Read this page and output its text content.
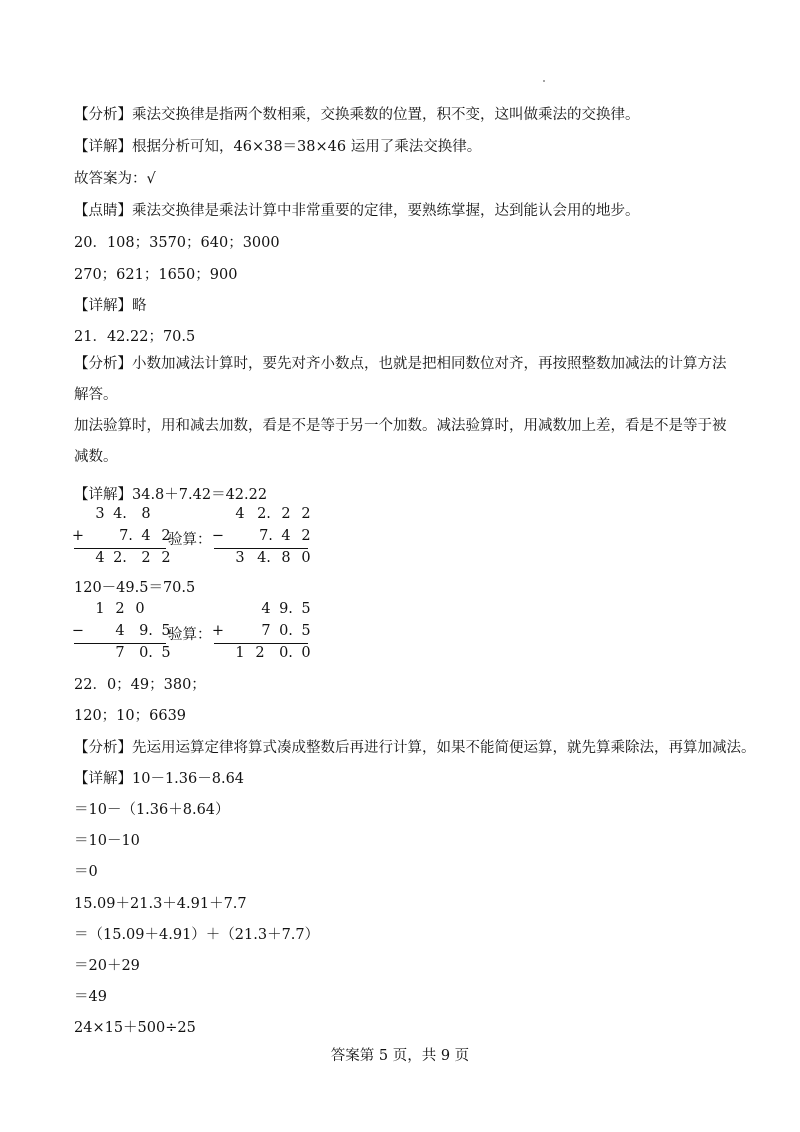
【分析】乘法交换律是指两个数相乘，交换乘数的位置，积不变，这叫做乘法的交换律。
【详解】根据分析可知，46×38＝38×46 运用了乘法交换律。
故答案为：√
【点睛】乘法交换律是乘法计算中非常重要的定律，要熟练掌握，达到能认会用的地步。
20．108；3570；640；3000
270；621；1650；900
【详解】略
21．42.22；70.5
【分析】小数加减法计算时，要先对齐小数点，也就是把相同数位对齐，再按照整数加减法的计算方法解答。
加法验算时，用和减去加数，看是不是等于另一个加数。减法验算时，用减数加上差，看是不是等于被减数。
【详解】34.8＋7.42＝42.22
3 4. 8
+ 7. 4 2
4 2. 2 2
验算：
4 2. 2 2
− 7. 4 2
3 4. 8 0
120－49.5＝70.5
1 2 0
−	4 9. 5
7 0. 5
验算：
4 9. 5
+	7 0. 5
1 2 0. 0
22．0；49；380；
120；10；6639
【分析】先运用运算定律将算式凑成整数后再进行计算，如果不能简便运算，就先算乘除法，再算加减法。
【详解】10－1.36－8.64
＝10－（1.36＋8.64）
＝10－10
＝0
15.09＋21.3＋4.91＋7.7
＝（15.09＋4.91）＋（21.3＋7.7）
＝20＋29
＝49
24×15＋500÷25
答案第 5 页，共 9 页
